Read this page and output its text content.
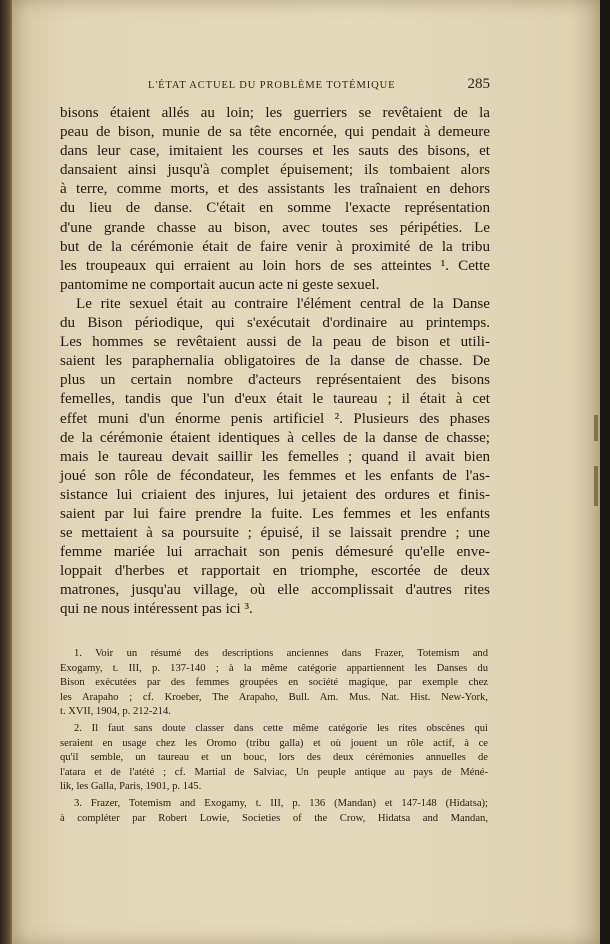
L'ÉTAT ACTUEL DU PROBLÈME TOTÉMIQUE	285
bisons étaient allés au loin; les guerriers se revêtaient de la
peau de bison, munie de sa tête encornée, qui pendait à demeure
dans leur case, imitaient les courses et les sauts des bisons, et
dansaient ainsi jusqu'à complet épuisement; ils tombaient alors
à terre, comme morts, et des assistants les traînaient en dehors
du lieu de danse. C'était en somme l'exacte représentation
d'une grande chasse au bison, avec toutes ses péripéties. Le
but de la cérémonie était de faire venir à proximité de la tribu
les troupeaux qui erraient au loin hors de ses atteintes ¹. Cette
pantomime ne comportait aucun acte ni geste sexuel.
Le rite sexuel était au contraire l'élément central de la Danse
du Bison périodique, qui s'exécutait d'ordinaire au printemps.
Les hommes se revêtaient aussi de la peau de bison et utili-
saient les paraphernalia obligatoires de la danse de chasse. De
plus un certain nombre d'acteurs représentaient des bisons
femelles, tandis que l'un d'eux était le taureau ; il était à cet
effet muni d'un énorme penis artificiel ². Plusieurs des phases
de la cérémonie étaient identiques à celles de la danse de chasse;
mais le taureau devait saillir les femelles ; quand il avait bien
joué son rôle de fécondateur, les femmes et les enfants de l'as-
sistance lui criaient des injures, lui jetaient des ordures et finis-
saient par lui faire prendre la fuite. Les femmes et les enfants
se mettaient à sa poursuite ; épuisé, il se laissait prendre ; une
femme mariée lui arrachait son penis démesuré qu'elle enve-
loppait d'herbes et rapportait en triomphe, escortée de deux
matrones, jusqu'au village, où elle accomplissait d'autres rites
qui ne nous intéressent pas ici ³.
1. Voir un résumé des descriptions anciennes dans Frazer, Totemism and
Exogamy, t. III, p. 137-140 ; à la même catégorie appartiennent les Danses du
Bison exécutées par des femmes groupées en société magique, par exemple chez
les Arapaho ; cf. Kroeber, The Arapaho, Bull. Am. Mus. Nat. Hist. New-York,
t. XVII, 1904, p. 212-214.
2. Il faut sans doute classer dans cette même catégorie les rites obscènes qui
seraient en usage chez les Oromo (tribu galla) et où jouent un rôle actif, à ce
qu'il semble, un taureau et un bouc, lors des deux cérémonies annuelles de
l'atara et de l'atété ; cf. Martial de Salviac, Un peuple antique au pays de Méné-
lik, les Galla, Paris, 1901, p. 145.
3. Frazer, Totemism and Exogamy, t. III, p. 136 (Mandan) et 147-148 (Hidatsa);
à compléter par Robert Lowie, Societies of the Crow, Hidatsa and Mandan,
